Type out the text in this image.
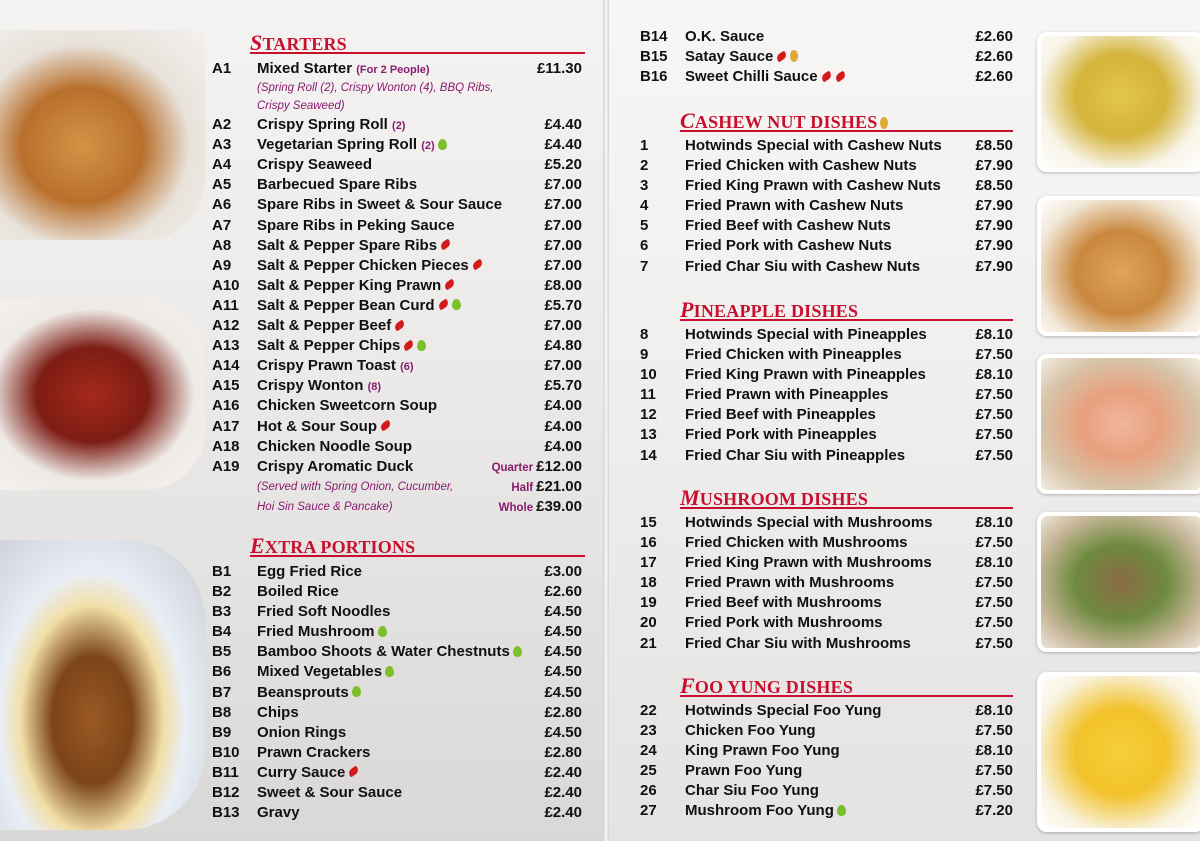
STARTERS
A1 Mixed Starter (For 2 People)	£11.30
(Spring Roll (2), Crispy Wonton (4), BBQ Ribs,
Crispy Seaweed)
A2 Crispy Spring Roll (2)	£4.40
A3 Vegetarian Spring Roll (2)	£4.40
A4 Crispy Seaweed	£5.20
A5 Barbecued Spare Ribs	£7.00
A6 Spare Ribs in Sweet & Sour Sauce	£7.00
A7 Spare Ribs in Peking Sauce	£7.00
A8 Salt & Pepper Spare Ribs	£7.00
A9 Salt & Pepper Chicken Pieces	£7.00
A10 Salt & Pepper King Prawn	£8.00
A11 Salt & Pepper Bean Curd	£5.70
A12 Salt & Pepper Beef	£7.00
A13 Salt & Pepper Chips	£4.80
A14 Crispy Prawn Toast (6)	£7.00
A15 Crispy Wonton (8)	£5.70
A16 Chicken Sweetcorn Soup	£4.00
A17 Hot & Sour Soup	£4.00
A18 Chicken Noodle Soup	£4.00
A19 Crispy Aromatic Duck	Quarter £12.00
(Served with Spring Onion, Cucumber,	Half £21.00
Hoi Sin Sauce & Pancake)	Whole £39.00
EXTRA PORTIONS
B1 Egg Fried Rice	£3.00
B2 Boiled Rice	£2.60
B3 Fried Soft Noodles	£4.50
B4 Fried Mushroom	£4.50
B5 Bamboo Shoots & Water Chestnuts	£4.50
B6 Mixed Vegetables	£4.50
B7 Beansprouts	£4.50
B8 Chips	£2.80
B9 Onion Rings	£4.50
B10 Prawn Crackers	£2.80
B11 Curry Sauce	£2.40
B12 Sweet & Sour Sauce	£2.40
B13 Gravy	£2.40
B14 O.K. Sauce	£2.60
B15 Satay Sauce	£2.60
B16 Sweet Chilli Sauce	£2.60
CASHEW NUT DISHES
1 Hotwinds Special with Cashew Nuts £8.50
2 Fried Chicken with Cashew Nuts	£7.90
3 Fried King Prawn with Cashew Nuts £8.50
4 Fried Prawn with Cashew Nuts	£7.90
5 Fried Beef with Cashew Nuts	£7.90
6 Fried Pork with Cashew Nuts	£7.90
7 Fried Char Siu with Cashew Nuts	£7.90
PINEAPPLE DISHES
8 Hotwinds Special with Pineapples	£8.10
9 Fried Chicken with Pineapples	£7.50
10 Fried King Prawn with Pineapples	£8.10
11 Fried Prawn with Pineapples	£7.50
12 Fried Beef with Pineapples	£7.50
13 Fried Pork with Pineapples	£7.50
14 Fried Char Siu with Pineapples	£7.50
MUSHROOM DISHES
15 Hotwinds Special with Mushrooms	£8.10
16 Fried Chicken with Mushrooms	£7.50
17 Fried King Prawn with Mushrooms	£8.10
18 Fried Prawn with Mushrooms	£7.50
19 Fried Beef with Mushrooms	£7.50
20 Fried Pork with Mushrooms	£7.50
21 Fried Char Siu with Mushrooms	£7.50
FOO YUNG DISHES
22 Hotwinds Special Foo Yung	£8.10
23 Chicken Foo Yung	£7.50
24 King Prawn Foo Yung	£8.10
25 Prawn Foo Yung	£7.50
26 Char Siu Foo Yung	£7.50
27 Mushroom Foo Yung	£7.20
